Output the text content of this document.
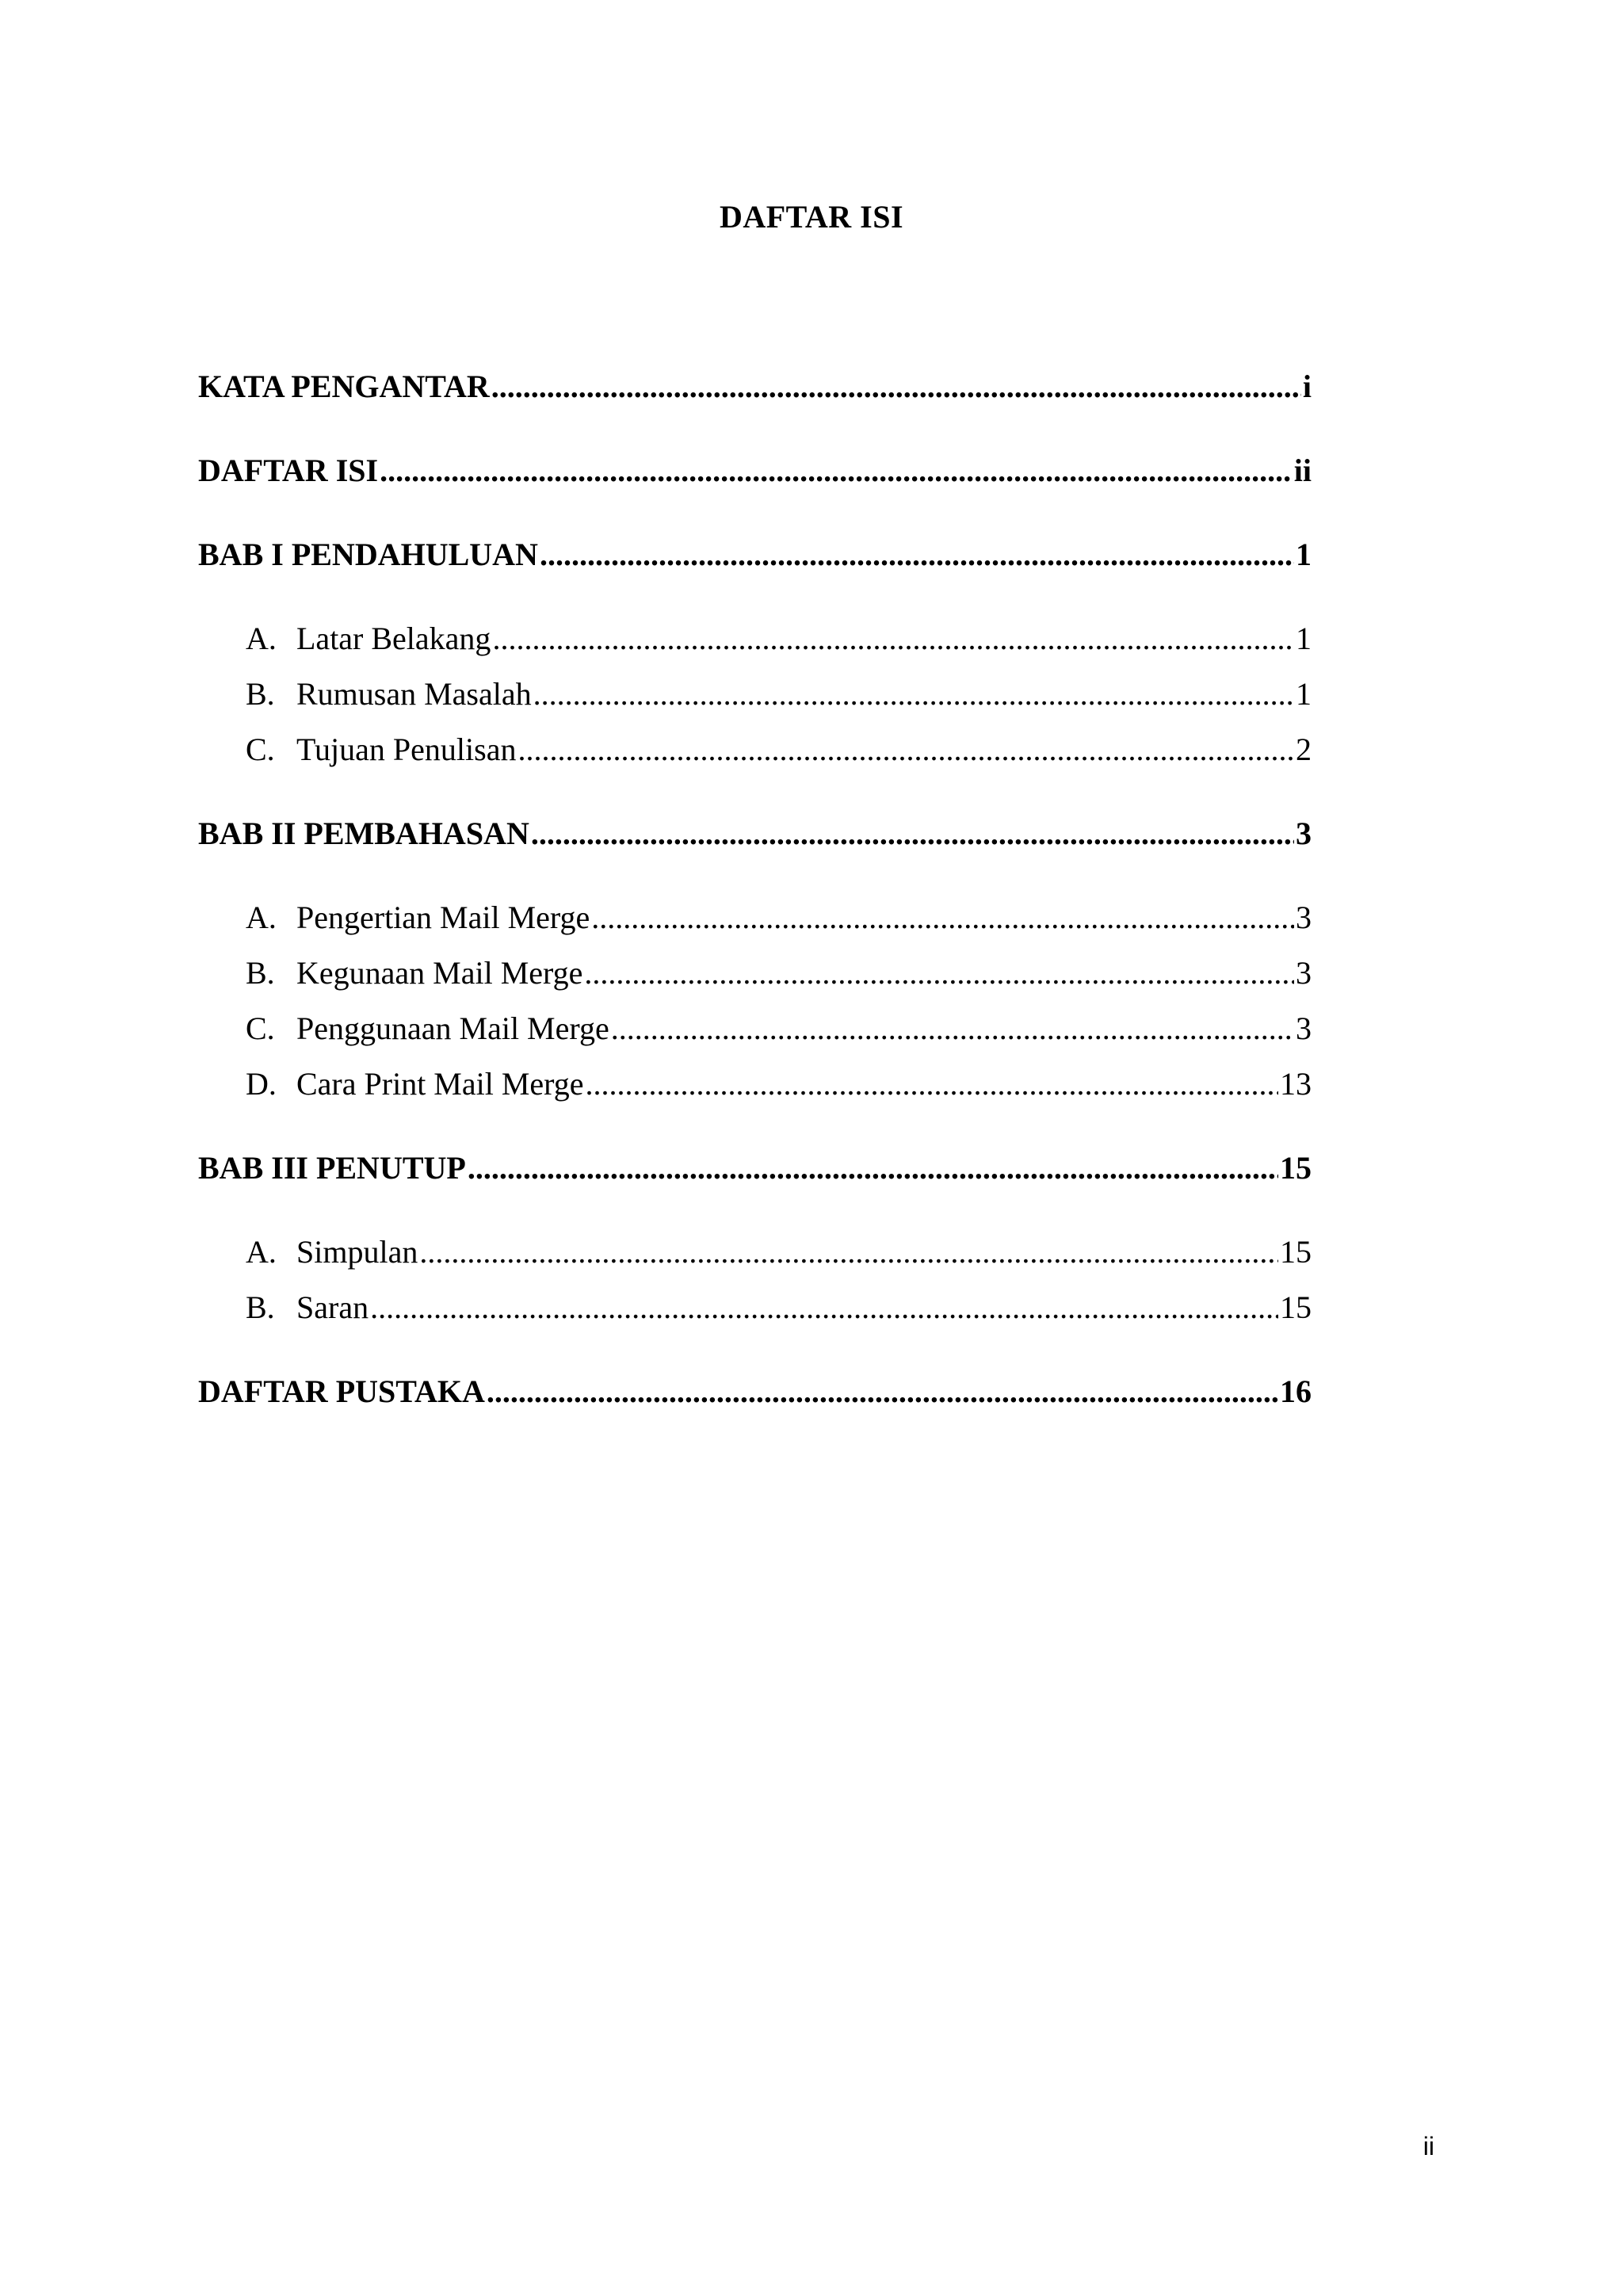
DAFTAR ISI
KATA PENGANTAR .....	i
DAFTAR ISI .....	ii
BAB I PENDAHULUAN .....	1
A. Latar Belakang .....	1
B. Rumusan Masalah .....	1
C. Tujuan Penulisan .....	2
BAB II PEMBAHASAN .....	3
A. Pengertian Mail Merge .....	3
B. Kegunaan Mail Merge .....	3
C. Penggunaan Mail Merge .....	3
D. Cara Print Mail Merge .....	13
BAB III PENUTUP .....	15
A. Simpulan .....	15
B. Saran .....	15
DAFTAR PUSTAKA .....	16
ii
